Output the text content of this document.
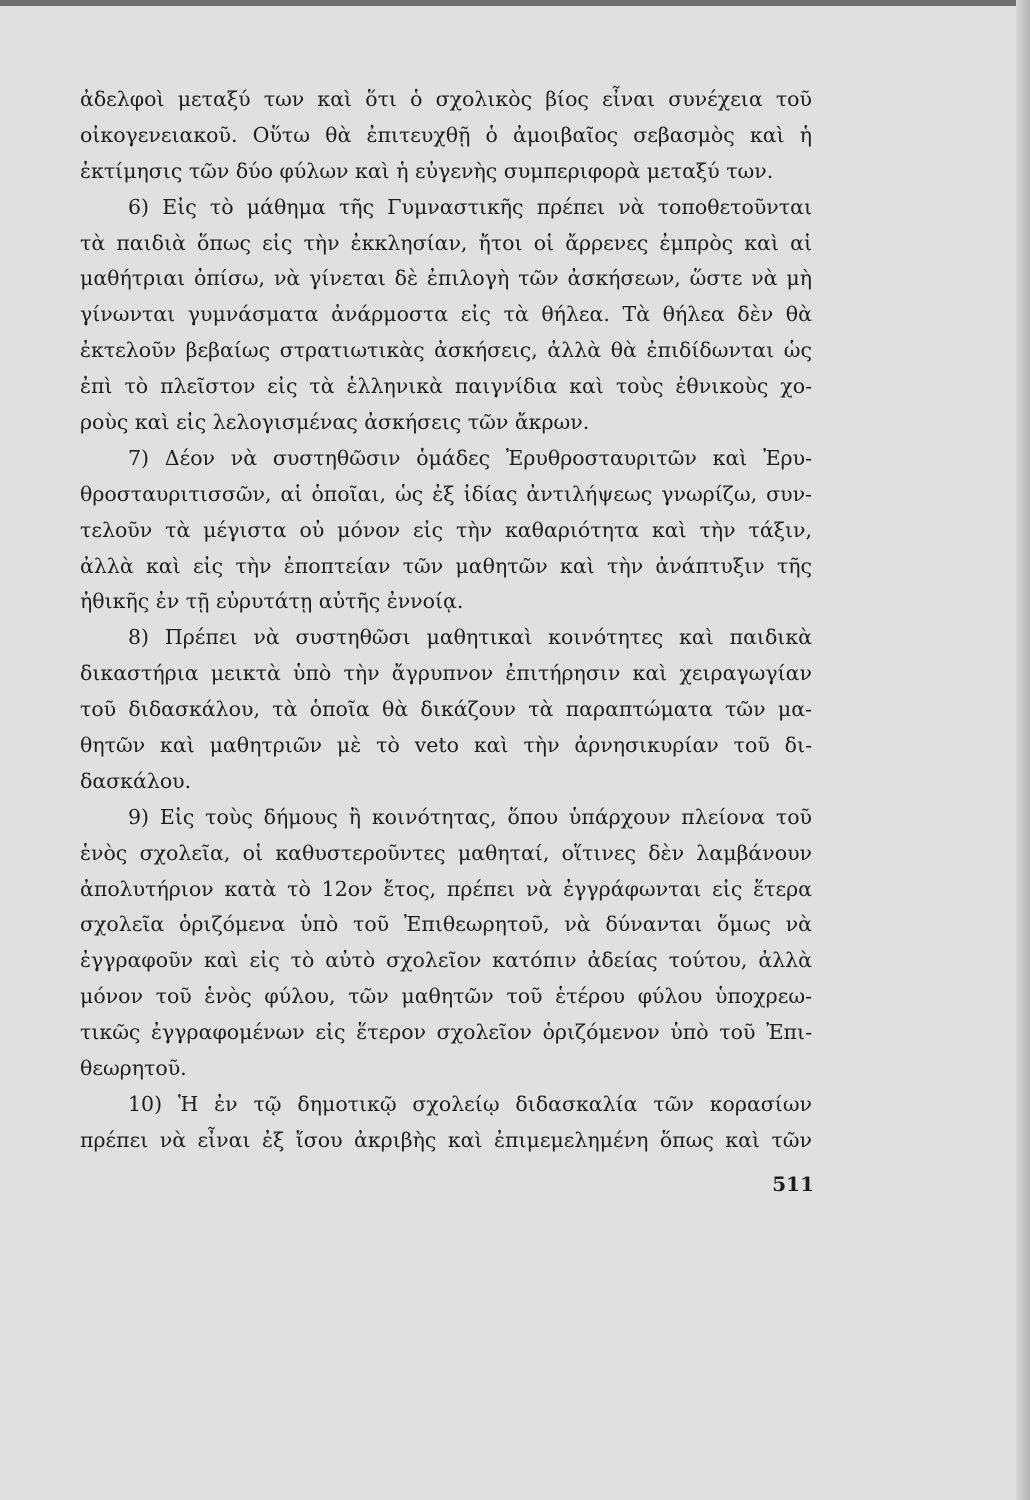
ἀδελφοὶ μεταξύ των καὶ ὅτι ὁ σχολικὸς βίος εἶναι συνέχεια τοῦ
οἰκογενειακοῦ. Οὕτω θὰ ἐπιτευχθῇ ὁ ἀμοιβαῖος σεβασμὸς καὶ ἡ
ἐκτίμησις τῶν δύο φύλων καὶ ἡ εὐγενὴς συμπεριφορὰ μεταξύ των.
6) Εἰς τὸ μάθημα τῆς Γυμναστικῆς πρέπει νὰ τοποθετοῦνται
τὰ παιδιὰ ὅπως εἰς τὴν ἐκκλησίαν, ἤτοι οἱ ἄρρενες ἐμπρὸς καὶ αἱ
μαθήτριαι ὀπίσω, νὰ γίνεται δὲ ἐπιλογὴ τῶν ἀσκήσεων, ὥστε νὰ μὴ
γίνωνται γυμνάσματα ἀνάρμοστα εἰς τὰ θήλεα. Τὰ θήλεα δὲν θὰ
ἐκτελοῦν βεβαίως στρατιωτικὰς ἀσκήσεις, ἀλλὰ θὰ ἐπιδίδωνται ὡς
ἐπὶ τὸ πλεῖστον εἰς τὰ ἑλληνικὰ παιγνίδια καὶ τοὺς ἐθνικοὺς χο-
ροὺς καὶ εἰς λελογισμένας ἀσκήσεις τῶν ἄκρων.
7) Δέον νὰ συστηθῶσιν ὁμάδες Ἐρυθροσταυριτῶν καὶ Ἐρυ-
θροσταυριτισσῶν, αἱ ὁποῖαι, ὡς ἐξ ἰδίας ἀντιλήψεως γνωρίζω, συν-
τελοῦν τὰ μέγιστα οὐ μόνον εἰς τὴν καθαριότητα καὶ τὴν τάξιν,
ἀλλὰ καὶ εἰς τὴν ἐποπτείαν τῶν μαθητῶν καὶ τὴν ἀνάπτυξιν τῆς
ἠθικῆς ἐν τῇ εὐρυτάτῃ αὐτῆς ἐννοίᾳ.
8) Πρέπει νὰ συστηθῶσι μαθητικαὶ κοινότητες καὶ παιδικὰ
δικαστήρια μεικτὰ ὑπὸ τὴν ἄγρυπνον ἐπιτήρησιν καὶ χειραγωγίαν
τοῦ διδασκάλου, τὰ ὁποῖα θὰ δικάζουν τὰ παραπτώματα τῶν μα-
θητῶν καὶ μαθητριῶν μὲ τὸ veto καὶ τὴν ἀρνησικυρίαν τοῦ δι-
δασκάλου.
9) Εἰς τοὺς δήμους ἢ κοινότητας, ὅπου ὑπάρχουν πλείονα τοῦ
ἑνὸς σχολεῖα, οἱ καθυστεροῦντες μαθηταί, οἵτινες δὲν λαμβάνουν
ἀπολυτήριον κατὰ τὸ 12ον ἔτος, πρέπει νὰ ἐγγράφωνται εἰς ἕτερα
σχολεῖα ὁριζόμενα ὑπὸ τοῦ Ἐπιθεωρητοῦ, νὰ δύνανται ὅμως νὰ
ἐγγραφοῦν καὶ εἰς τὸ αὐτὸ σχολεῖον κατόπιν ἀδείας τούτου, ἀλλὰ
μόνον τοῦ ἑνὸς φύλου, τῶν μαθητῶν τοῦ ἑτέρου φύλου ὑποχρεω-
τικῶς ἐγγραφομένων εἰς ἕτερον σχολεῖον ὁριζόμενον ὑπὸ τοῦ Ἐπι-
θεωρητοῦ.
10) Ἡ ἐν τῷ δημοτικῷ σχολείῳ διδασκαλία τῶν κορασίων
πρέπει νὰ εἶναι ἐξ ἴσου ἀκριβὴς καὶ ἐπιμεμελημένη ὅπως καὶ τῶν
511
